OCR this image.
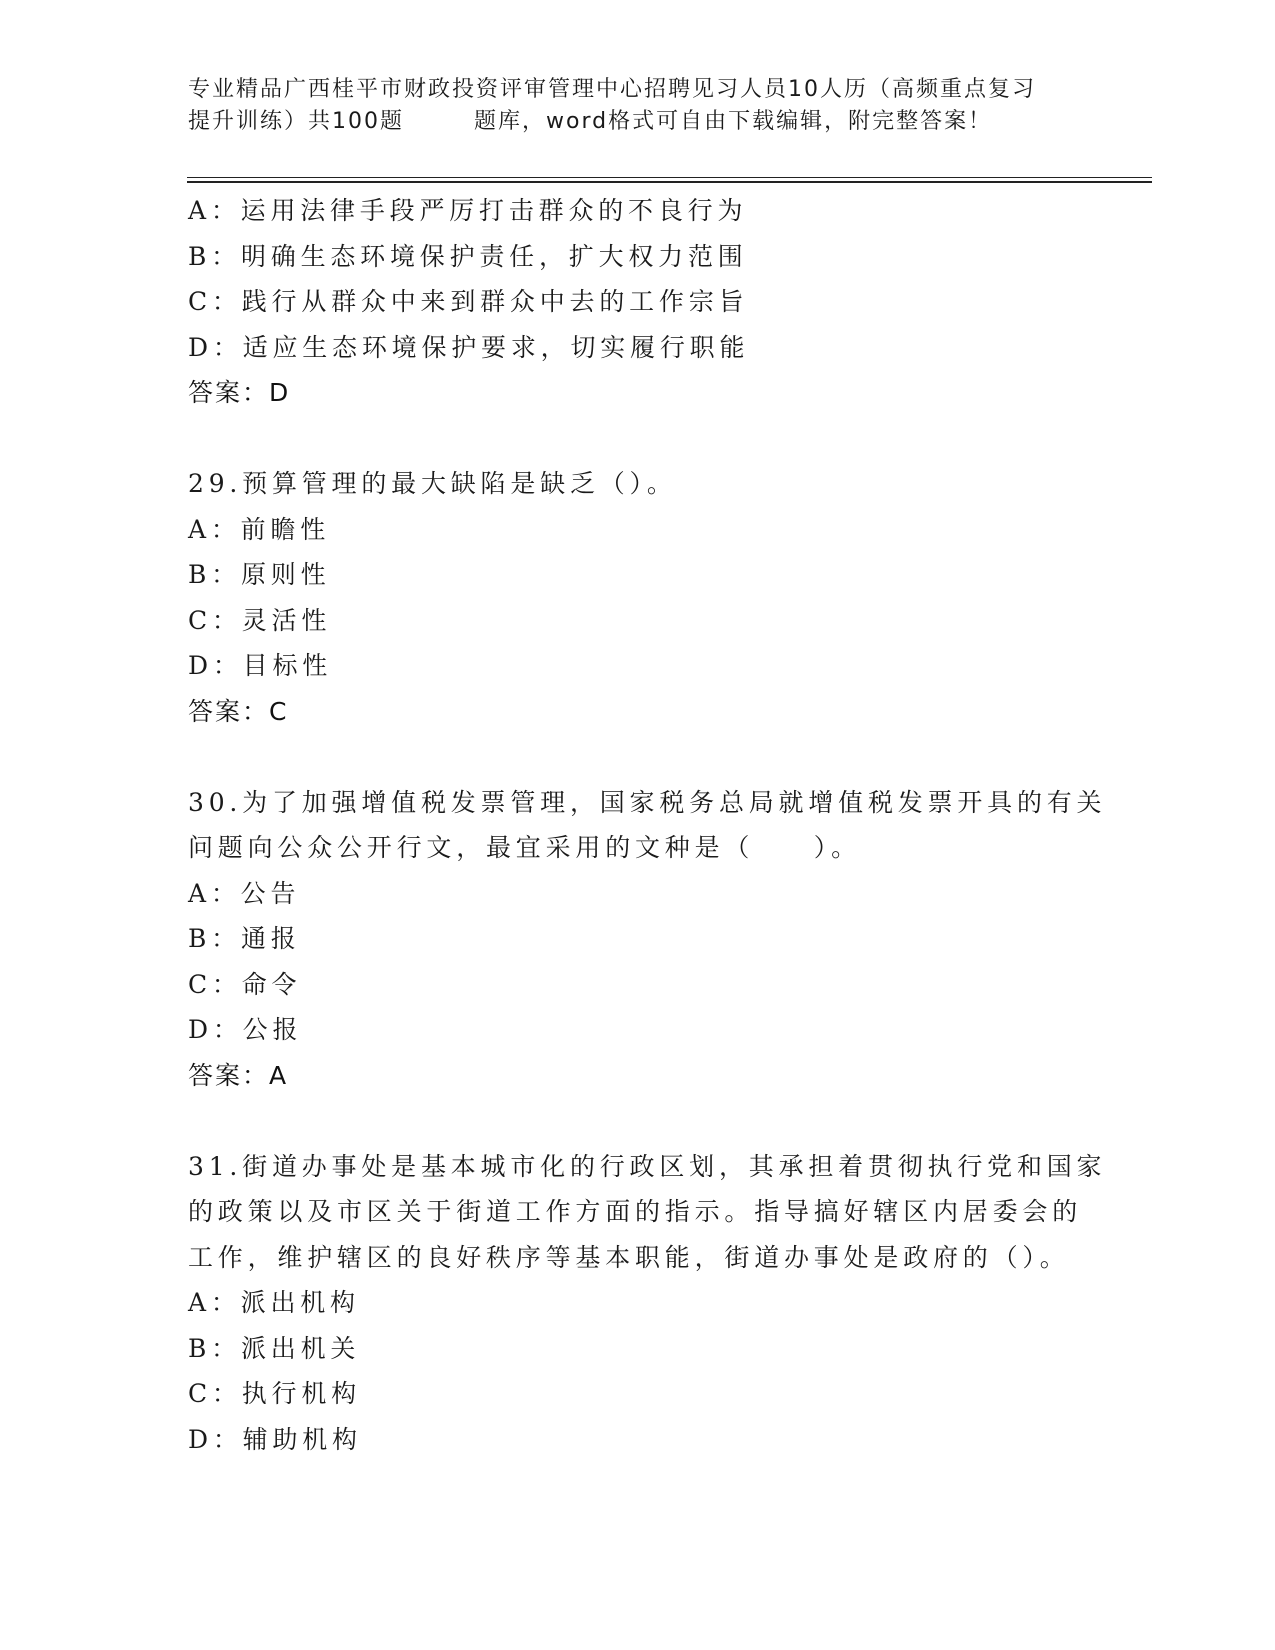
专业精品广西桂平市财政投资评审管理中心招聘见习人员10人历（高频重点复习
提升训练）共100题	题库，word格式可自由下载编辑，附完整答案！
A：运用法律手段严厉打击群众的不良行为
B：明确生态环境保护责任，扩大权力范围
C：践行从群众中来到群众中去的工作宗旨
D：适应生态环境保护要求，切实履行职能
答案：D
29.预算管理的最大缺陷是缺乏（）。
A：前瞻性
B：原则性
C：灵活性
D：目标性
答案：C
30.为了加强增值税发票管理，国家税务总局就增值税发票开具的有关
问题向公众公开行文，最宜采用的文种是（　　）。
A：公告
B：通报
C：命令
D：公报
答案：A
31.街道办事处是基本城市化的行政区划，其承担着贯彻执行党和国家
的政策以及市区关于街道工作方面的指示。指导搞好辖区内居委会的
工作，维护辖区的良好秩序等基本职能，街道办事处是政府的（）。
A：派出机构
B：派出机关
C：执行机构
D：辅助机构
